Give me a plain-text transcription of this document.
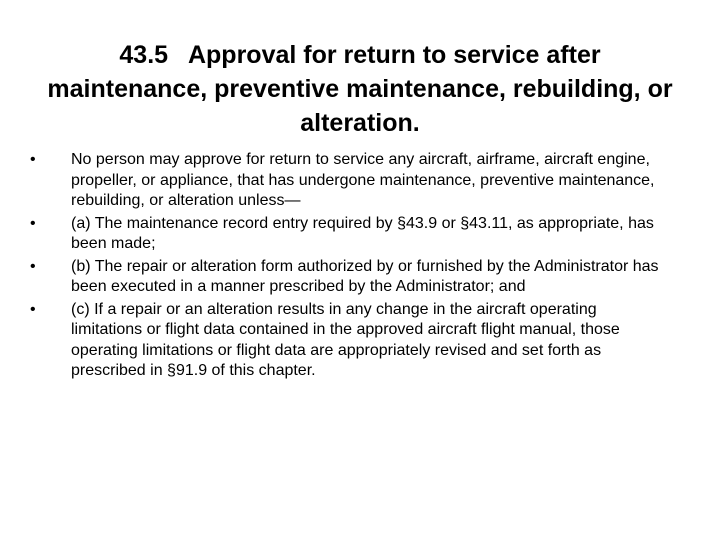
43.5   Approval for return to service after maintenance, preventive maintenance, rebuilding, or alteration.
• No person may approve for return to service any aircraft, airframe, aircraft engine, propeller, or appliance, that has undergone maintenance, preventive maintenance, rebuilding, or alteration unless—
• (a) The maintenance record entry required by §43.9 or §43.11, as appropriate, has been made;
• (b) The repair or alteration form authorized by or furnished by the Administrator has been executed in a manner prescribed by the Administrator; and
• (c) If a repair or an alteration results in any change in the aircraft operating limitations or flight data contained in the approved aircraft flight manual, those operating limitations or flight data are appropriately revised and set forth as prescribed in §91.9 of this chapter.
